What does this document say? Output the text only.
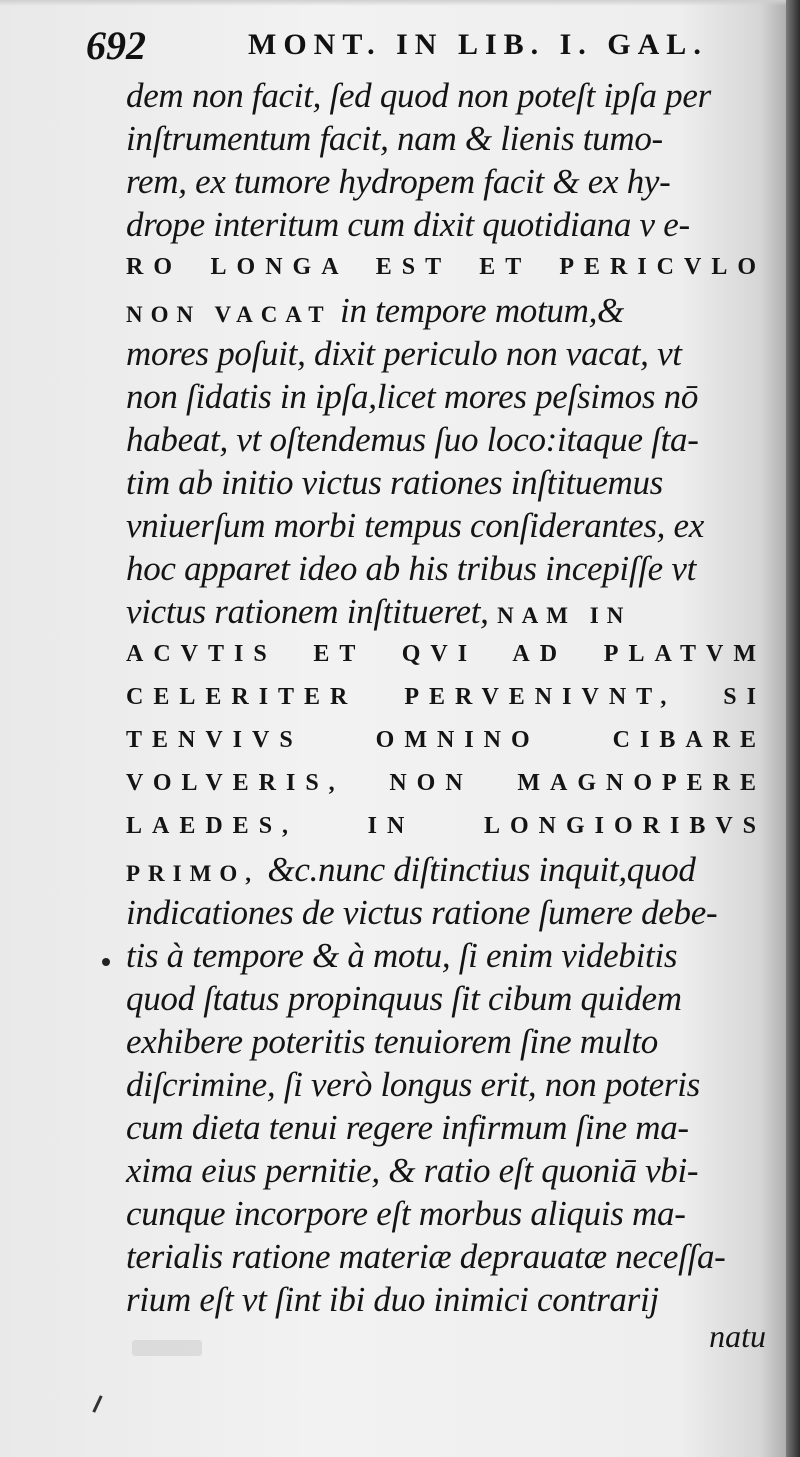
692	MONT. IN LIB. I. GAL.
dem non facit, ſed quod non poteſt ipſa per
inſtrumentum facit, nam & lienis tumo-
rem, ex tumore hydropem facit & ex hy-
drope interitum cum dixit quotidiana v e-
RO LONGA EST ET PERICVLO
NON VACAT in tempore motum,&
mores poſuit, dixit periculo non vacat, vt
non ſidatis in ipſa,licet mores peſsimos nō
habeat, vt oſtendemus ſuo loco:itaque ſta-
tim ab initio victus rationes inſtituemus
vniuerſum morbi tempus conſiderantes, ex
hoc apparet ideo ab his tribus incepiſſe vt
victus rationem inſtitueret, NAM IN
ACVTIS ET QVI AD PLATVM
CELERITER PERVENIVNT, SI
TENVIVS OMNINO CIBARE
VOLVERIS, NON MAGNOPERE
LAEDES, IN LONGIORIBVS
PRIMO, &c.nunc diſtinctius inquit,quod
indicationes de victus ratione ſumere debe-
tis à tempore & à motu, ſi enim videbitis
quod ſtatus propinquus ſit cibum quidem
exhibere poteritis tenuiorem ſine multo
diſcrimine, ſi verò longus erit, non poteris
cum dieta tenui regere infirmum ſine ma-
xima eius pernitie, & ratio eſt quoniā vbi-
cunque incorpore eſt morbus aliquis ma-
terialis ratione materiæ deprauatæ neceſſa-
rium eſt vt ſint ibi duo inimici contrarij
natu
